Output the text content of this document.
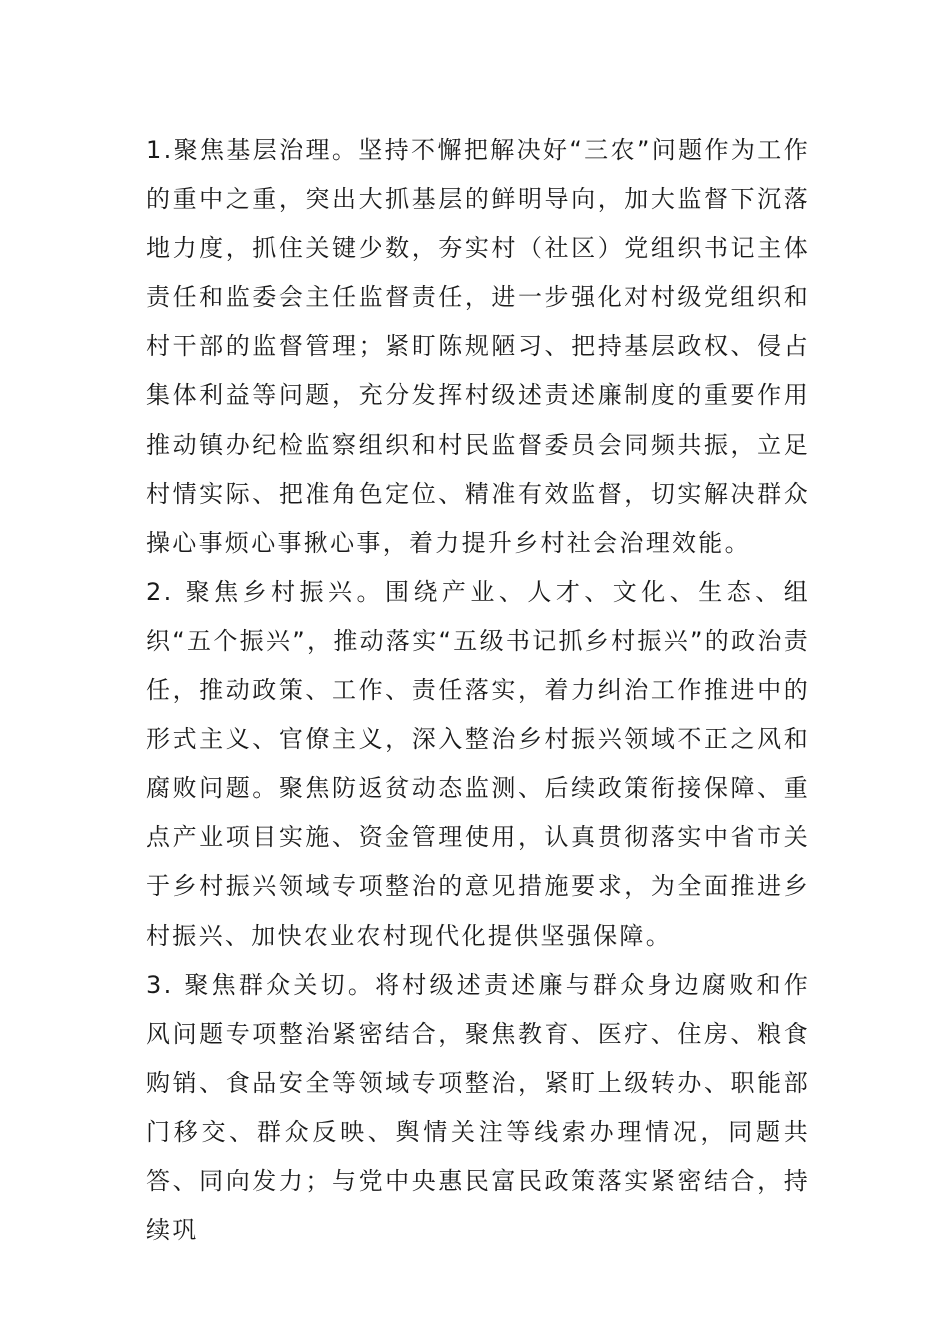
1.聚焦基层治理。坚持不懈把解决好“三农”问题作为工作的重中之重，突出大抓基层的鲜明导向，加大监督下沉落地力度，抓住关键少数，夯实村（社区）党组织书记主体责任和监委会主任监督责任，进一步强化对村级党组织和村干部的监督管理；紧盯陈规陋习、把持基层政权、侵占集体利益等问题，充分发挥村级述责述廉制度的重要作用推动镇办纪检监察组织和村民监督委员会同频共振，立足村情实际、把准角色定位、精准有效监督，切实解决群众操心事烦心事揪心事，着力提升乡村社会治理效能。

2. 聚焦乡村振兴。围绕产业、人才、文化、生态、组织“五个振兴”，推动落实“五级书记抓乡村振兴”的政治责任，推动政策、工作、责任落实，着力纠治工作推进中的形式主义、官僚主义，深入整治乡村振兴领域不正之风和腐败问题。聚焦防返贫动态监测、后续政策衔接保障、重点产业项目实施、资金管理使用，认真贯彻落实中省市关于乡村振兴领域专项整治的意见措施要求，为全面推进乡村振兴、加快农业农村现代化提供坚强保障。

3. 聚焦群众关切。将村级述责述廉与群众身边腐败和作风问题专项整治紧密结合，聚焦教育、医疗、住房、粮食购销、食品安全等领域专项整治，紧盯上级转办、职能部门移交、群众反映、舆情关注等线索办理情况，同题共答、同向发力；与党中央惠民富民政策落实紧密结合，持续巩
